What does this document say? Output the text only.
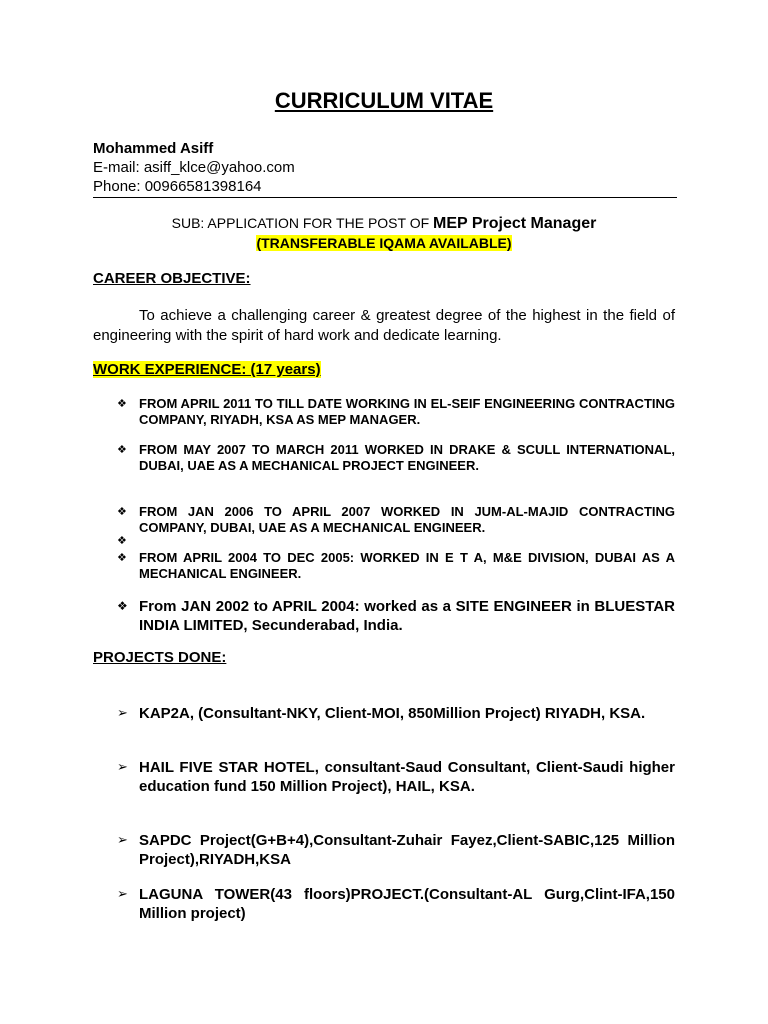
CURRICULUM VITAE
Mohammed Asiff
E-mail: asiff_klce@yahoo.com
Phone: 00966581398164
SUB: APPLICATION FOR THE POST OF MEP Project Manager
(TRANSFERABLE IQAMA AVAILABLE)
CAREER OBJECTIVE:

To achieve a challenging career & greatest degree of the highest in the field of engineering with the spirit of hard work and dedicate learning.

WORK EXPERIENCE: (17 years)
❖ FROM APRIL 2011 TO TILL DATE WORKING IN EL-SEIF ENGINEERING CONTRACTING COMPANY, RIYADH, KSA AS MEP MANAGER.
❖ FROM MAY 2007 TO MARCH 2011 WORKED IN DRAKE & SCULL INTERNATIONAL, DUBAI, UAE AS A MECHANICAL PROJECT ENGINEER.
❖ FROM JAN 2006 TO APRIL 2007 WORKED IN JUM-AL-MAJID CONTRACTING COMPANY, DUBAI, UAE AS A MECHANICAL ENGINEER.
❖
❖ FROM APRIL 2004 TO DEC 2005: WORKED IN E T A, M&E DIVISION, DUBAI AS A MECHANICAL ENGINEER.
❖ From JAN 2002 to APRIL 2004: worked as a SITE ENGINEER in BLUESTAR INDIA LIMITED, Secunderabad, India.
PROJECTS DONE:
➢ KAP2A, (Consultant-NKY, Client-MOI, 850Million Project) RIYADH, KSA.
➢ HAIL FIVE STAR HOTEL, consultant-Saud Consultant, Client-Saudi higher education fund 150 Million Project), HAIL, KSA.
➢ SAPDC Project(G+B+4),Consultant-Zuhair Fayez,Client-SABIC,125 Million Project),RIYADH,KSA
➢ LAGUNA TOWER(43 floors)PROJECT.(Consultant-AL Gurg,Clint-IFA,150 Million project)
